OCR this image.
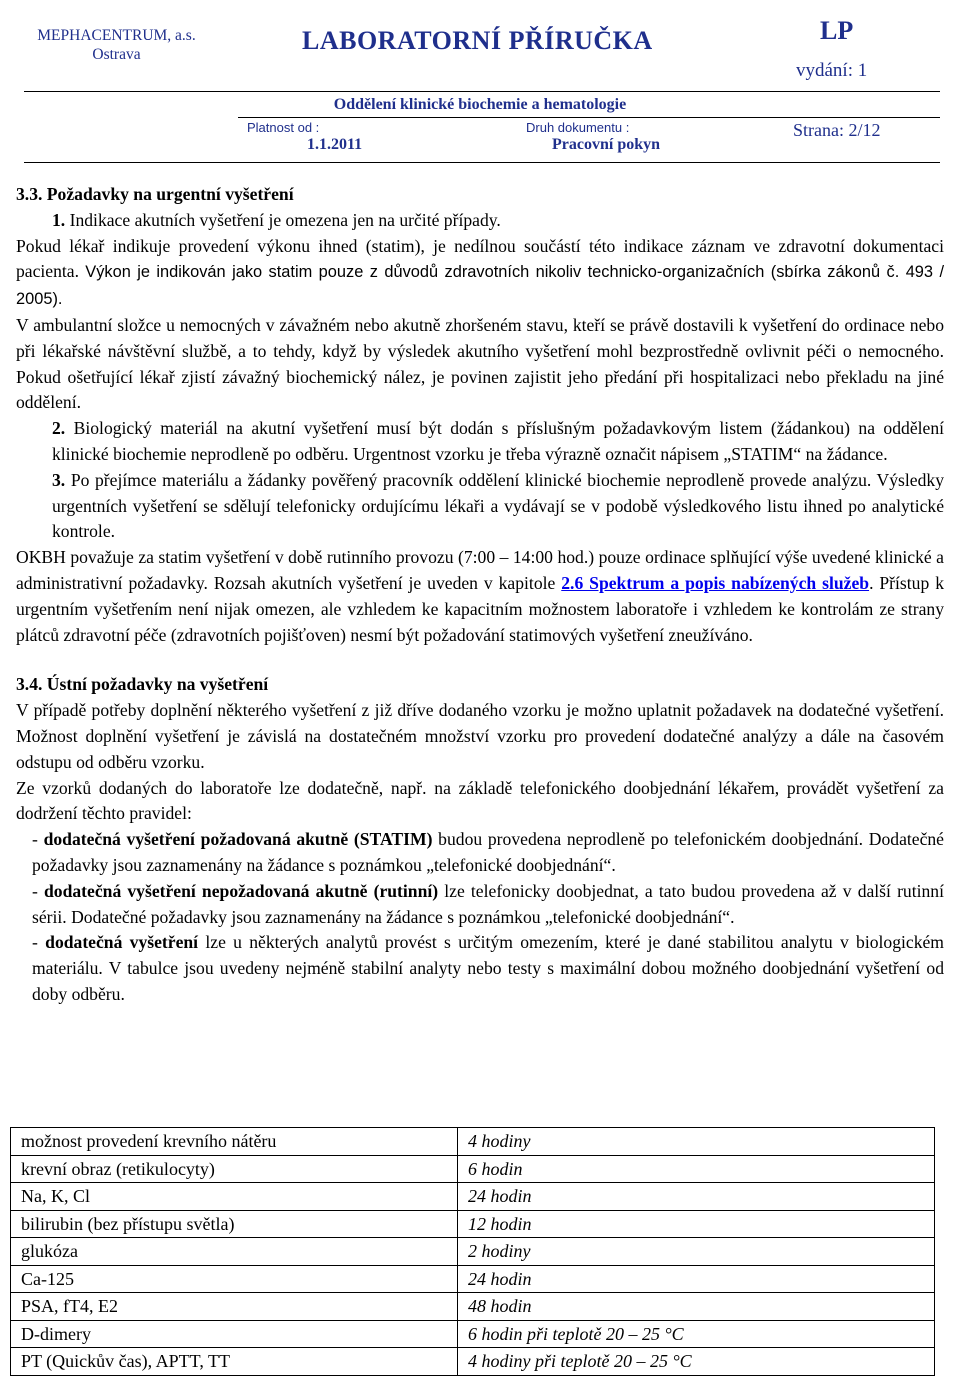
MEPHACENTRUM, a.s.
Ostrava	LABORATORNÍ PŘÍRUČKA	LP
vydání: 1
Oddělení klinické biochemie a hematologie
Platnost od :
1.1.2011
Druh dokumentu :
Pracovní pokyn
Strana: 2/12

3.3. Požadavky na urgentní vyšetření

1. Indikace akutních vyšetření je omezena jen na určité případy.

Pokud lékař indikuje provedení výkonu ihned (statim), je nedílnou součástí této indikace záznam ve zdravotní dokumentaci pacienta. Výkon je indikován jako statim pouze z důvodů zdravotních nikoliv technicko-organizačních (sbírka zákonů č. 493 / 2005).

V ambulantní složce u nemocných v závažném nebo akutně zhoršeném stavu, kteří se právě dostavili k vyšetření do ordinace nebo při lékařské návštěvní službě, a to tehdy, když by výsledek akutního vyšetření mohl bezprostředně ovlivnit péči o nemocného. Pokud ošetřující lékař zjistí závažný biochemický nález, je povinen zajistit jeho předání při hospitalizaci nebo překladu na jiné oddělení.

2. Biologický materiál na akutní vyšetření musí být dodán s příslušným požadavkovým listem (žádankou) na oddělení klinické biochemie neprodleně po odběru. Urgentnost vzorku je třeba výrazně označit nápisem „STATIM“ na žádance.

3. Po přejímce materiálu a žádanky pověřený pracovník oddělení klinické biochemie neprodleně provede analýzu. Výsledky urgentních vyšetření se sdělují telefonicky ordujícímu lékaři a vydávají se v podobě výsledkového listu ihned po analytické kontrole.

OKBH považuje za statim vyšetření v době rutinního provozu (7:00 – 14:00 hod.) pouze ordinace splňující výše uvedené klinické a administrativní požadavky. Rozsah akutních vyšetření je uveden v kapitole 2.6 Spektrum a popis nabízených služeb. Přístup k urgentním vyšetřením není nijak omezen, ale vzhledem ke kapacitním možnostem laboratoře i vzhledem ke kontrolám ze strany plátců zdravotní péče (zdravotních pojišťoven) nesmí být požadování statimových vyšetření zneužíváno.

3.4. Ústní požadavky na vyšetření

V případě potřeby doplnění některého vyšetření z již dříve dodaného vzorku je možno uplatnit požadavek na dodatečné vyšetření. Možnost doplnění vyšetření je závislá na dostatečném množství vzorku pro provedení dodatečné analýzy a dále na časovém odstupu od odběru vzorku.

Ze vzorků dodaných do laboratoře lze dodatečně, např. na základě telefonického doobjednání lékařem, provádět vyšetření za dodržení těchto pravidel:

- dodatečná vyšetření požadovaná akutně (STATIM) budou provedena neprodleně po telefonickém doobjednání. Dodatečné požadavky jsou zaznamenány na žádance s poznámkou „telefonické doobjednání“.

- dodatečná vyšetření nepožadovaná akutně (rutinní) lze telefonicky doobjednat, a tato budou provedena až v další rutinní sérii. Dodatečné požadavky jsou zaznamenány na žádance s poznámkou „telefonické doobjednání“.

- dodatečná vyšetření lze u některých analytů provést s určitým omezením, které je dané stabilitou analytu v biologickém materiálu. V tabulce jsou uvedeny nejméně stabilní analyty nebo testy s maximální dobou možného doobjednání vyšetření od doby odběru.

možnost provedení krevního nátěru	4 hodiny
krevní obraz (retikulocyty)	6 hodin
Na, K, Cl	24 hodin
bilirubin (bez přístupu světla)	12 hodin
glukóza	2 hodiny
Ca-125	24 hodin
PSA, fT4, E2	48 hodin
D-dimery	6 hodin při teplotě 20 – 25 °C
PT (Quickův čas), APTT, TT	4 hodiny při teplotě 20 – 25 °C
